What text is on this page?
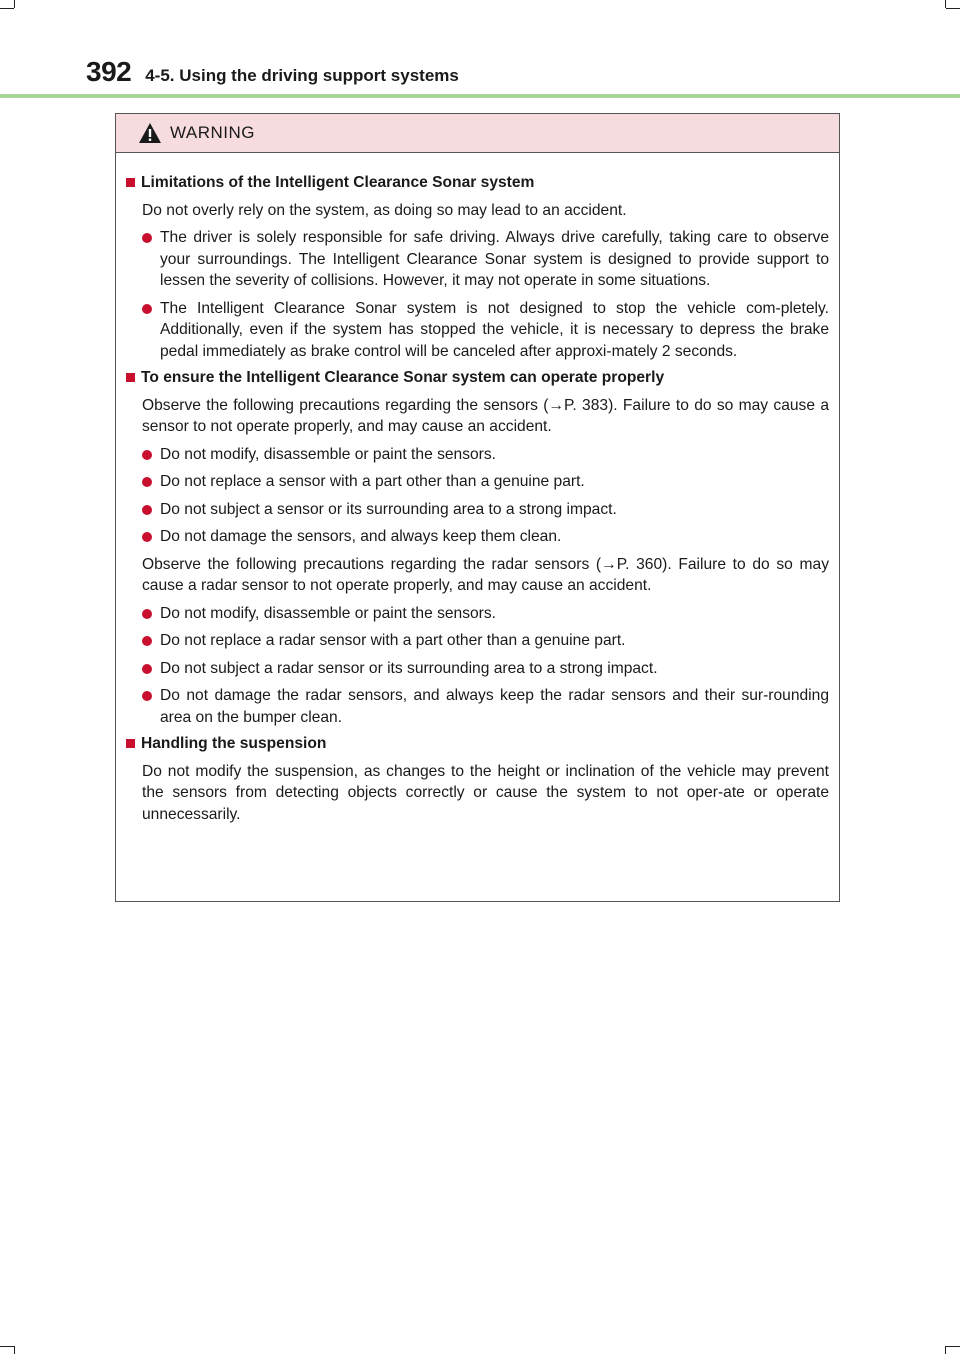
392 4-5. Using the driving support systems
WARNING
Limitations of the Intelligent Clearance Sonar system
Do not overly rely on the system, as doing so may lead to an accident.
The driver is solely responsible for safe driving. Always drive carefully, taking care to observe your surroundings. The Intelligent Clearance Sonar system is designed to provide support to lessen the severity of collisions. However, it may not operate in some situations.
The Intelligent Clearance Sonar system is not designed to stop the vehicle com-pletely. Additionally, even if the system has stopped the vehicle, it is necessary to depress the brake pedal immediately as brake control will be canceled after approxi-mately 2 seconds.
To ensure the Intelligent Clearance Sonar system can operate properly
Observe the following precautions regarding the sensors (→P. 383). Failure to do so may cause a sensor to not operate properly, and may cause an accident.
Do not modify, disassemble or paint the sensors.
Do not replace a sensor with a part other than a genuine part.
Do not subject a sensor or its surrounding area to a strong impact.
Do not damage the sensors, and always keep them clean.
Observe the following precautions regarding the radar sensors (→P. 360). Failure to do so may cause a radar sensor to not operate properly, and may cause an accident.
Do not modify, disassemble or paint the sensors.
Do not replace a radar sensor with a part other than a genuine part.
Do not subject a radar sensor or its surrounding area to a strong impact.
Do not damage the radar sensors, and always keep the radar sensors and their sur-rounding area on the bumper clean.
Handling the suspension
Do not modify the suspension, as changes to the height or inclination of the vehicle may prevent the sensors from detecting objects correctly or cause the system to not oper-ate or operate unnecessarily.
